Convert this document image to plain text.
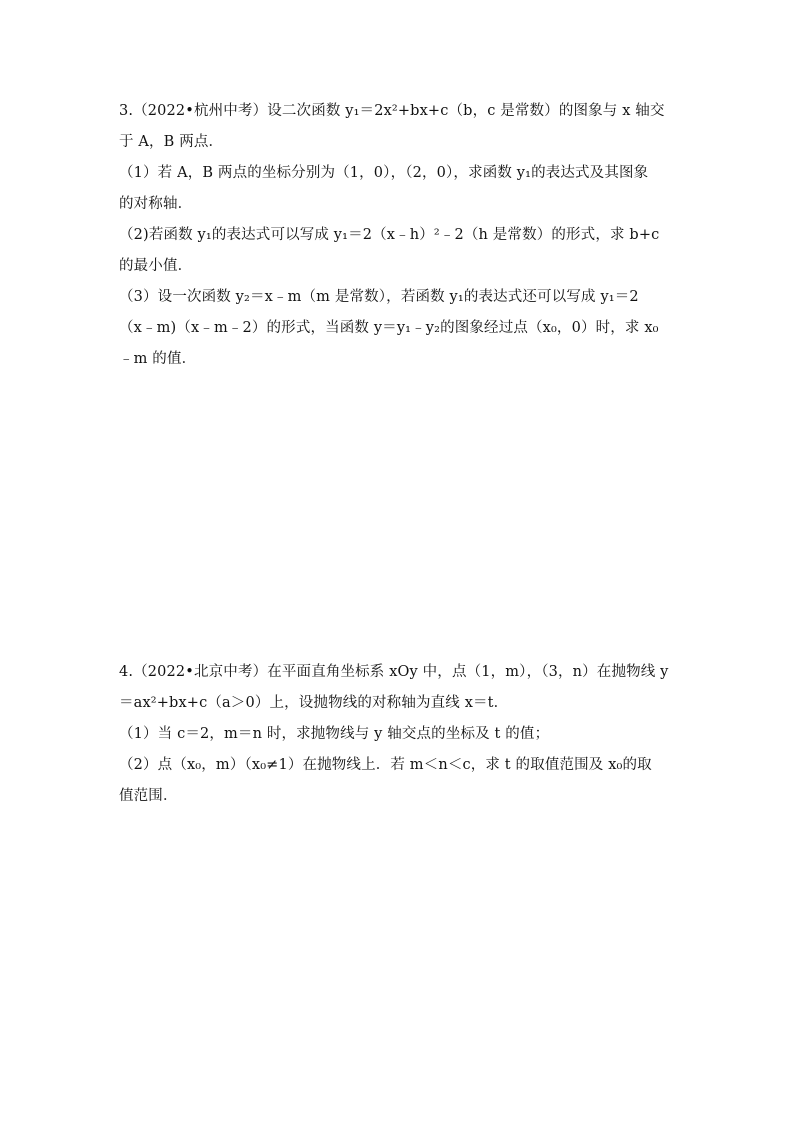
3.（2022•杭州中考）设二次函数 y₁＝2x²+bx+c（b，c 是常数）的图象与 x 轴交
于 A，B 两点．
（1）若 A，B 两点的坐标分别为（1，0），（2，0），求函数 y₁的表达式及其图象
的对称轴．
（2)若函数 y₁的表达式可以写成 y₁＝2（x﹣h）²﹣2（h 是常数）的形式，求 b+c
的最小值．
（3）设一次函数 y₂＝x﹣m（m 是常数），若函数 y₁的表达式还可以写成 y₁＝2
（x﹣m)（x﹣m﹣2）的形式，当函数 y＝y₁﹣y₂的图象经过点（x₀，0）时，求 x₀
﹣m 的值．
4.（2022•北京中考）在平面直角坐标系 xOy 中，点（1，m），（3，n）在抛物线 y
＝ax²+bx+c（a＞0）上，设抛物线的对称轴为直线 x＝t．
（1）当 c＝2，m＝n 时，求抛物线与 y 轴交点的坐标及 t 的值；
（2）点（x₀，m）（x₀≠1）在抛物线上．若 m＜n＜c，求 t 的取值范围及 x₀的取
值范围．
